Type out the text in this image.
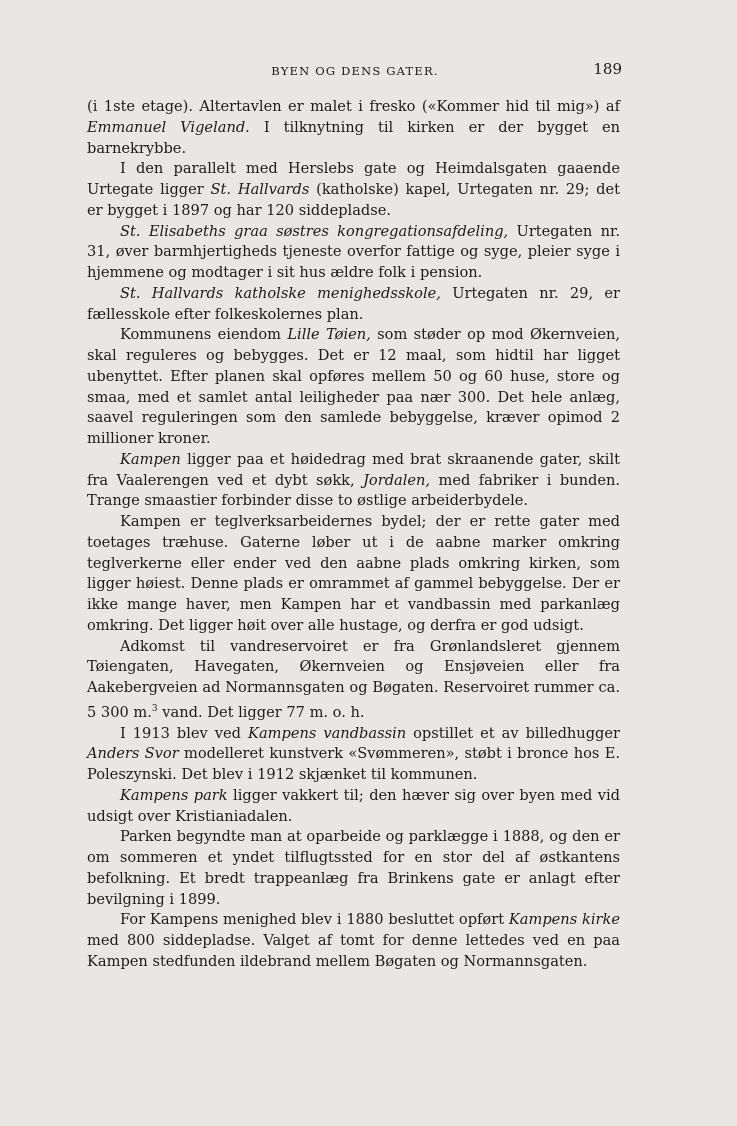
BYEN OG DENS GATER.	189

(i 1ste etage). Altertavlen er malet i fresko («Kommer hid til mig») af Emmanuel Vigeland. I tilknytning til kirken er der bygget en barnekrybbe.

I den parallelt med Herslebs gate og Heimdalsgaten gaaende Urtegate ligger St. Hallvards (katholske) kapel, Urtegaten nr. 29; det er bygget i 1897 og har 120 siddepladse.

St. Elisabeths graa søstres kongregationsafdeling, Urtegaten nr. 31, øver barmhjertigheds tjeneste overfor fattige og syge, pleier syge i hjemmene og modtager i sit hus ældre folk i pension.

St. Hallvards katholske menighedsskole, Urtegaten nr. 29, er fællesskole efter folkeskolernes plan.

Kommunens eiendom Lille Tøien, som støder op mod Økernveien, skal reguleres og bebygges. Det er 12 maal, som hidtil har ligget ubenyttet. Efter planen skal opføres mellem 50 og 60 huse, store og smaa, med et samlet antal leiligheder paa nær 300. Det hele anlæg, saavel reguleringen som den samlede bebyggelse, kræver opimod 2 millioner kroner.

Kampen ligger paa et høidedrag med brat skraanende gater, skilt fra Vaalerengen ved et dybt søkk, Jordalen, med fabriker i bunden. Trange smaastier forbinder disse to østlige arbeiderbydele.

Kampen er teglverksarbeidernes bydel; der er rette gater med toetages træhuse. Gaterne løber ut i de aabne marker omkring teglverkerne eller ender ved den aabne plads omkring kirken, som ligger høiest. Denne plads er omrammet af gammel bebyggelse. Der er ikke mange haver, men Kampen har et vandbassin med parkanlæg omkring. Det ligger høit over alle hustage, og derfra er god udsigt.

Adkomst til vandreservoiret er fra Grønlandsleret gjennem Tøiengaten, Havegaten, Økernveien og Ensjøveien eller fra Aakebergveien ad Normannsgaten og Bøgaten. Reservoiret rummer ca. 5 300 m.$^3$ vand. Det ligger 77 m. o. h.

I 1913 blev ved Kampens vandbassin opstillet et av billedhugger Anders Svor modelleret kunstverk «Svømmeren», støbt i bronce hos E. Poleszynski. Det blev i 1912 skjænket til kommunen.

Kampens park ligger vakkert til; den hæver sig over byen med vid udsigt over Kristianiadalen.

Parken begyndte man at oparbeide og parklægge i 1888, og den er om sommeren et yndet tilflugtssted for en stor del af østkantens befolkning. Et bredt trappeanlæg fra Brinkens gate er anlagt efter bevilgning i 1899.

For Kampens menighed blev i 1880 besluttet opført Kampens kirke med 800 siddepladse. Valget af tomt for denne lettedes ved en paa Kampen stedfunden ildebrand mellem Bøgaten og Normannsgaten.
